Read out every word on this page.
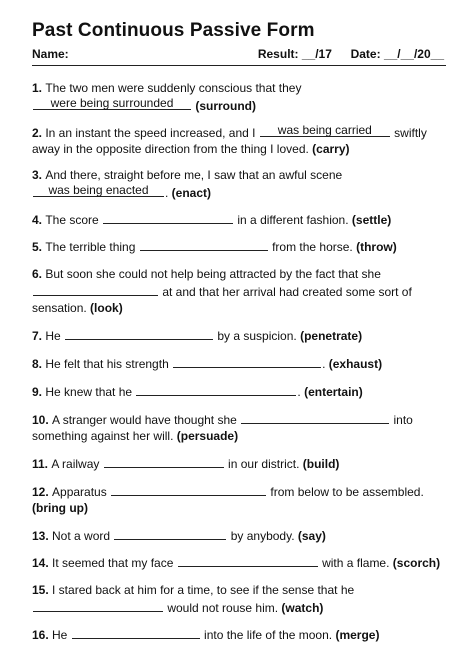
Past Continuous Passive Form
Name:	Result: __/17 Date: __/__/20__
1. The two men were suddenly conscious that they
were being surrounded	(surround)
2. In an instant the speed increased, and I	was being carried	swiftly
away in the opposite direction from the thing I loved. (carry)
3. And there, straight before me, I saw that an awful scene
was being enacted	. (enact)
4. The score	in a different fashion. (settle)
5. The terrible thing	from the horse. (throw)
6. But soon she could not help being attracted by the fact that she
at and that her arrival had created some sort of
sensation. (look)
7. He	by a suspicion. (penetrate)
8. He felt that his strength	. (exhaust)
9. He knew that he	. (entertain)
10. A stranger would have thought she	into
something against her will. (persuade)
11. A railway	in our district. (build)
12. Apparatus	from below to be assembled.
(bring up)
13. Not a word	by anybody. (say)
14. It seemed that my face	with a flame. (scorch)
15. I stared back at him for a time, to see if the sense that he
would not rouse him. (watch)
16. He	into the life of the moon. (merge)
